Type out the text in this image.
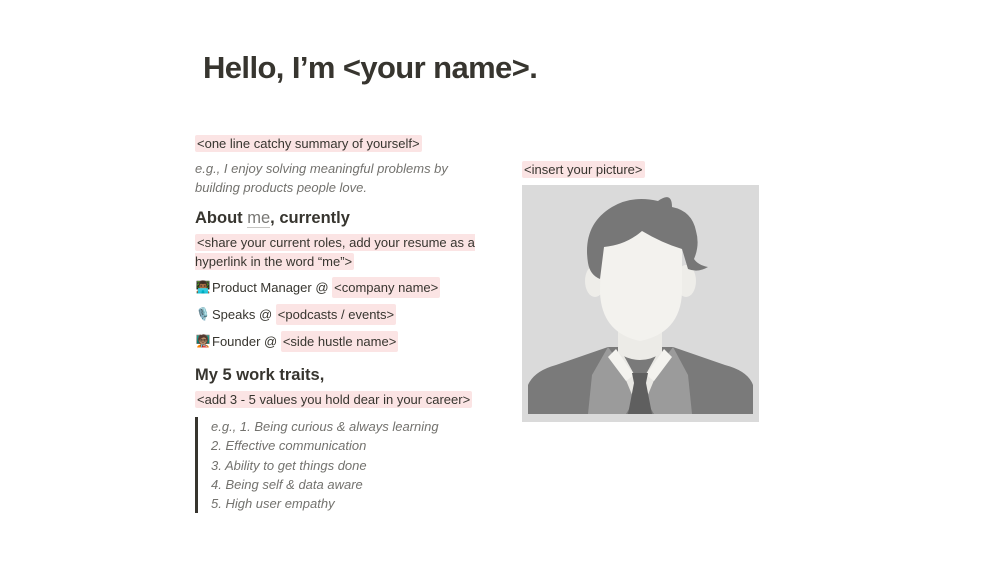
Hello, I’m <your name>.
<one line catchy summary of yourself>
e.g., I enjoy solving meaningful problems by building products people love.
About me, currently
<share your current roles, add your resume as a hyperlink in the word “me”>
👨🏾‍💻 Product Manager @ <company name>
🎙️ Speaks @ <podcasts / events>
🧑🏽‍🏫 Founder @ <side hustle name>
My 5 work traits,
<add 3 - 5 values you hold dear in your career>
e.g., 1. Being curious & always learning
2. Effective communication
3. Ability to get things done
4. Being self & data aware
5. High user empathy
<insert your picture>
